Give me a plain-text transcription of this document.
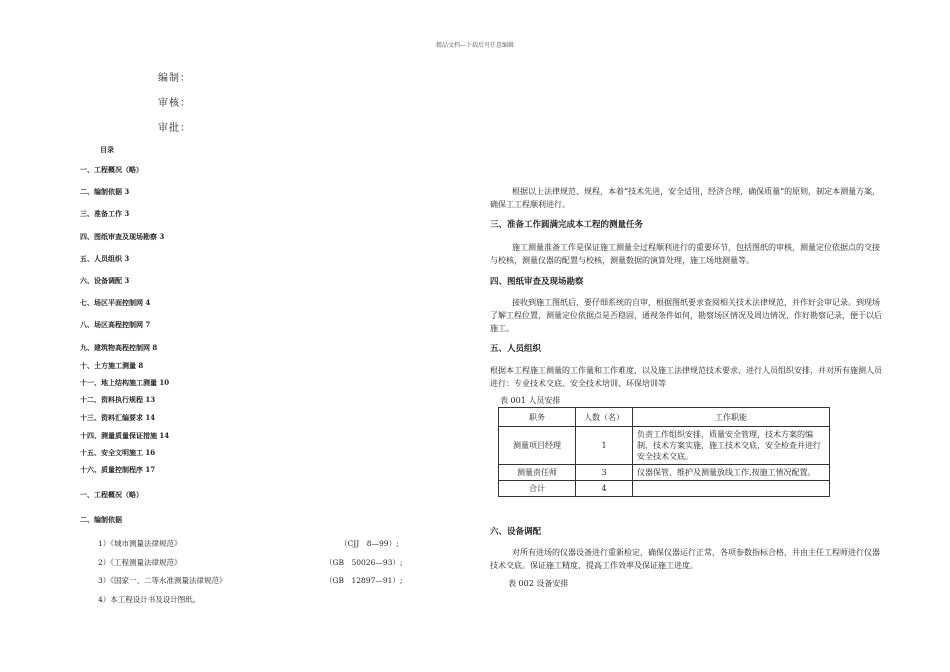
精品文档---下载后可任意编辑
编制：
审核：
审批：
目录
一、工程概况（略）
二、编制依据 3
三、准备工作 3
四、图纸审查及现场勘察 3
五、人员组织 3
六、设备调配 3
七、场区平面控制网 4
八、场区高程控制网 7
九、建筑物高程控制网 8
十、土方施工测量 8
十一、地上结构施工测量 10
十二、资料执行规程 13
十三、资料汇编要求 14
十四、测量质量保证措施 14
十五、安全文明施工 16
十六、质量控制程序 17
一、工程概况（略）
二、编制依据
1）《城市测量法律规范》	（CJJ　8—99）;
2）《工程测量法律规范》	（GB　50026—93）;
3）《国家一、二等水准测量法律规范》	（GB　12897—91）;
4）本工程设计书及设计图纸。
根据以上法律规范、规程，本着“技术先进，安全适用，经济合理，确保质量”的原则，制定本测量方案，确保工工程顺利进行。
三、准备工作圆满完成本工程的测量任务
施工测量准备工作是保证施工测量全过程顺利进行的重要环节，包括图纸的审核，测量定位依据点的交接与校核，测量仪器的配置与校核，测量数据的演算处理，施工场地测量等。
四、图纸审查及现场勘察
接收到施工图纸后，要仔细系统的自审，根据图纸要求查阅相关技术法律规范，并作好会审记录。到现场了解工程位置，测量定位依据点是否稳固，通视条件如何，勘察场区情况及周边情况，作好勘察记录，便于以后施工。
五、人员组织
根据本工程施工测量的工作量和工作难度，以及施工法律规范技术要求，进行人员组织安排，并对所有施测人员进行：专业技术交底、安全技术培训、环保培训等
表 001 人员安排
职务	人数（名）	工作职能
测量项目经理	1	负责工作组织安排，质量安全管理，技术方案的编制，技术方案实施，施工技术交底，安全检查并进行安全技术交底。
测量责任师	3	仪器保管、维护及测量放线工作,按施工情况配置。
合计	4	
六、设备调配
对所有进场的仪器设备进行重新检定，确保仪器运行正常，各项参数指标合格，并由主任工程师进行仪器技术交底。保证施工精度，提高工作效率及保证施工进度。
表 002 设备安排
